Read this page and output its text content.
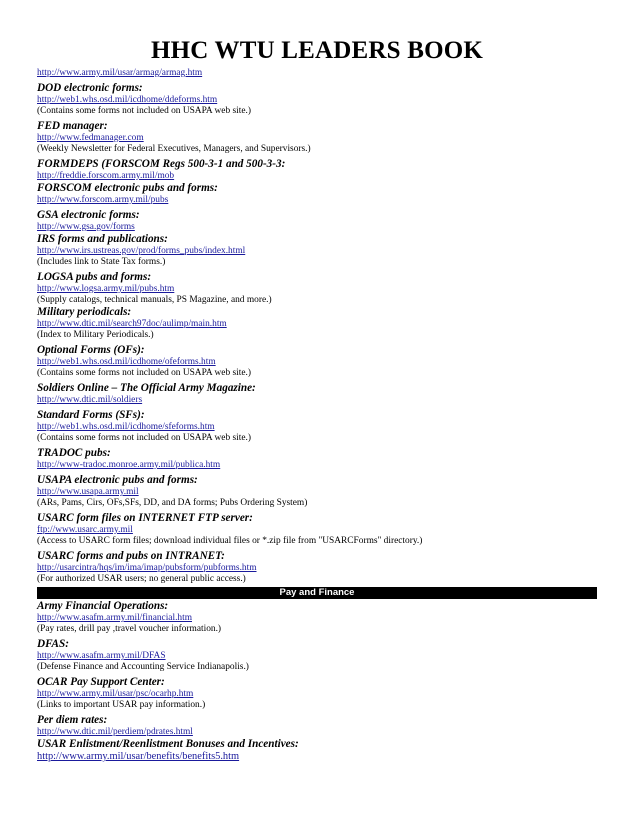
HHC WTU LEADERS BOOK
http://www.army.mil/usar/armag/armag.htm
DOD electronic forms:
http://web1.whs.osd.mil/icdhome/ddeforms.htm
(Contains some forms not included on USAPA web site.)
FED manager:
http://www.fedmanager.com
(Weekly Newsletter for Federal Executives, Managers, and Supervisors.)
FORMDEPS (FORSCOM Regs 500-3-1 and 500-3-3:
http://freddie.forscom.army.mil/mob
FORSCOM electronic pubs and forms:
http://www.forscom.army.mil/pubs
GSA electronic forms:
http://www.gsa.gov/forms
IRS forms and publications:
http://www.irs.ustreas.gov/prod/forms_pubs/index.html
(Includes link to State Tax forms.)
LOGSA pubs and forms:
http://www.logsa.army.mil/pubs.htm
(Supply catalogs, technical manuals, PS Magazine, and more.)
Military periodicals:
http://www.dtic.mil/search97doc/aulimp/main.htm
(Index to Military Periodicals.)
Optional Forms (OFs):
http://web1.whs.osd.mil/icdhome/ofeforms.htm
(Contains some forms not included on USAPA web site.)
Soldiers Online – The Official Army Magazine:
http://www.dtic.mil/soldiers
Standard Forms (SFs):
http://web1.whs.osd.mil/icdhome/sfeforms.htm
(Contains some forms not included on USAPA web site.)
TRADOC pubs:
http://www-tradoc.monroe.army.mil/publica.htm
USAPA electronic pubs and forms:
http://www.usapa.army.mil
(ARs, Pams, Cirs, OFs,SFs, DD, and DA forms; Pubs Ordering System)
USARC form files on INTERNET FTP server:
ftp://www.usarc.army.mil
(Access to USARC form files; download individual files or *.zip file from "USARCForms" directory.)
USARC forms and pubs on INTRANET:
http://usarcintra/hqs/im/ima/imap/pubsform/pubforms.htm
(For authorized USAR users; no general public access.)
Pay and Finance
Army Financial Operations:
http://www.asafm.army.mil/financial.htm
(Pay rates, drill pay ,travel voucher information.)
DFAS:
http://www.asafm.army.mil/DFAS
(Defense Finance and Accounting Service Indianapolis.)
OCAR Pay Support Center:
http://www.army.mil/usar/psc/ocarhp.htm
(Links to important USAR pay information.)
Per diem rates:
http://www.dtic.mil/perdiem/pdrates.html
USAR Enlistment/Reenlistment Bonuses and Incentives:
http://www.army.mil/usar/benefits/benefits5.htm
